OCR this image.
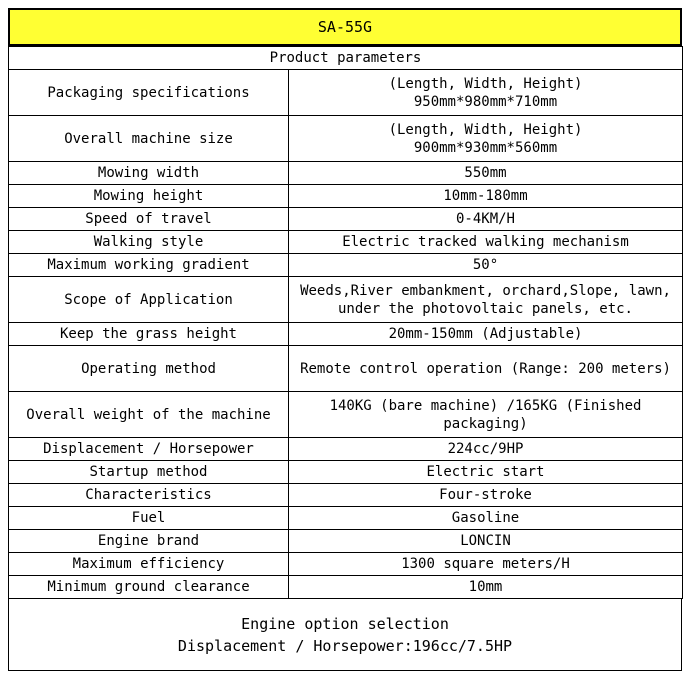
SA-55G
Product parameters	
Packaging specifications	(Length, Width, Height)
950mm*980mm*710mm

Overall machine size	(Length, Width, Height)
900mm*930mm*560mm

Mowing width	550mm
Mowing height	10mm-180mm
Speed of travel	0-4KM/H
Walking style	Electric tracked walking mechanism
Maximum working gradient	50°
Scope of Application	Weeds,River embankment, orchard,Slope, lawn, under the photovoltaic panels, etc.
Keep the grass height	20mm-150mm (Adjustable)
Operating method	Remote control operation (Range: 200 meters)
Overall weight of the machine	140KG (bare machine) /165KG (Finished packaging)
Displacement / Horsepower	224cc/9HP
Startup method	Electric start
Characteristics	Four-stroke
Fuel	Gasoline
Engine brand	LONCIN
Maximum efficiency	1300 square meters/H
Minimum ground clearance	10mm
Engine option selection
Displacement / Horsepower:196cc/7.5HP
